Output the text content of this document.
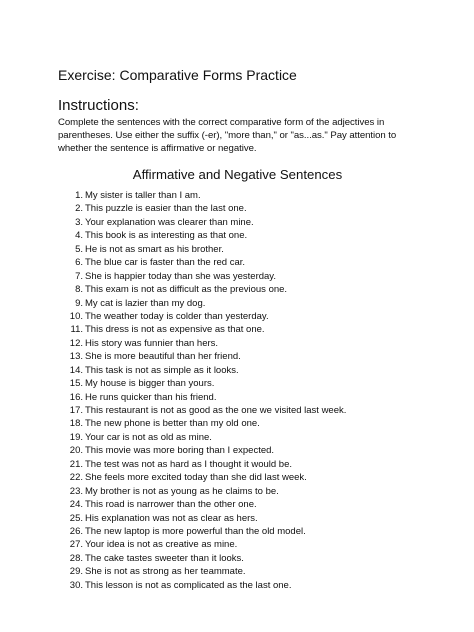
Exercise: Comparative Forms Practice
Instructions:
Complete the sentences with the correct comparative form of the adjectives in parentheses. Use either the suffix (-er), "more than," or "as...as." Pay attention to whether the sentence is affirmative or negative.
Affirmative and Negative Sentences
1. My sister is taller than I am.
2. This puzzle is easier than the last one.
3. Your explanation was clearer than mine.
4. This book is as interesting as that one.
5. He is not as smart as his brother.
6. The blue car is faster than the red car.
7. She is happier today than she was yesterday.
8. This exam is not as difficult as the previous one.
9. My cat is lazier than my dog.
10. The weather today is colder than yesterday.
11. This dress is not as expensive as that one.
12. His story was funnier than hers.
13. She is more beautiful than her friend.
14. This task is not as simple as it looks.
15. My house is bigger than yours.
16. He runs quicker than his friend.
17. This restaurant is not as good as the one we visited last week.
18. The new phone is better than my old one.
19. Your car is not as old as mine.
20. This movie was more boring than I expected.
21. The test was not as hard as I thought it would be.
22. She feels more excited today than she did last week.
23. My brother is not as young as he claims to be.
24. This road is narrower than the other one.
25. His explanation was not as clear as hers.
26. The new laptop is more powerful than the old model.
27. Your idea is not as creative as mine.
28. The cake tastes sweeter than it looks.
29. She is not as strong as her teammate.
30. This lesson is not as complicated as the last one.
